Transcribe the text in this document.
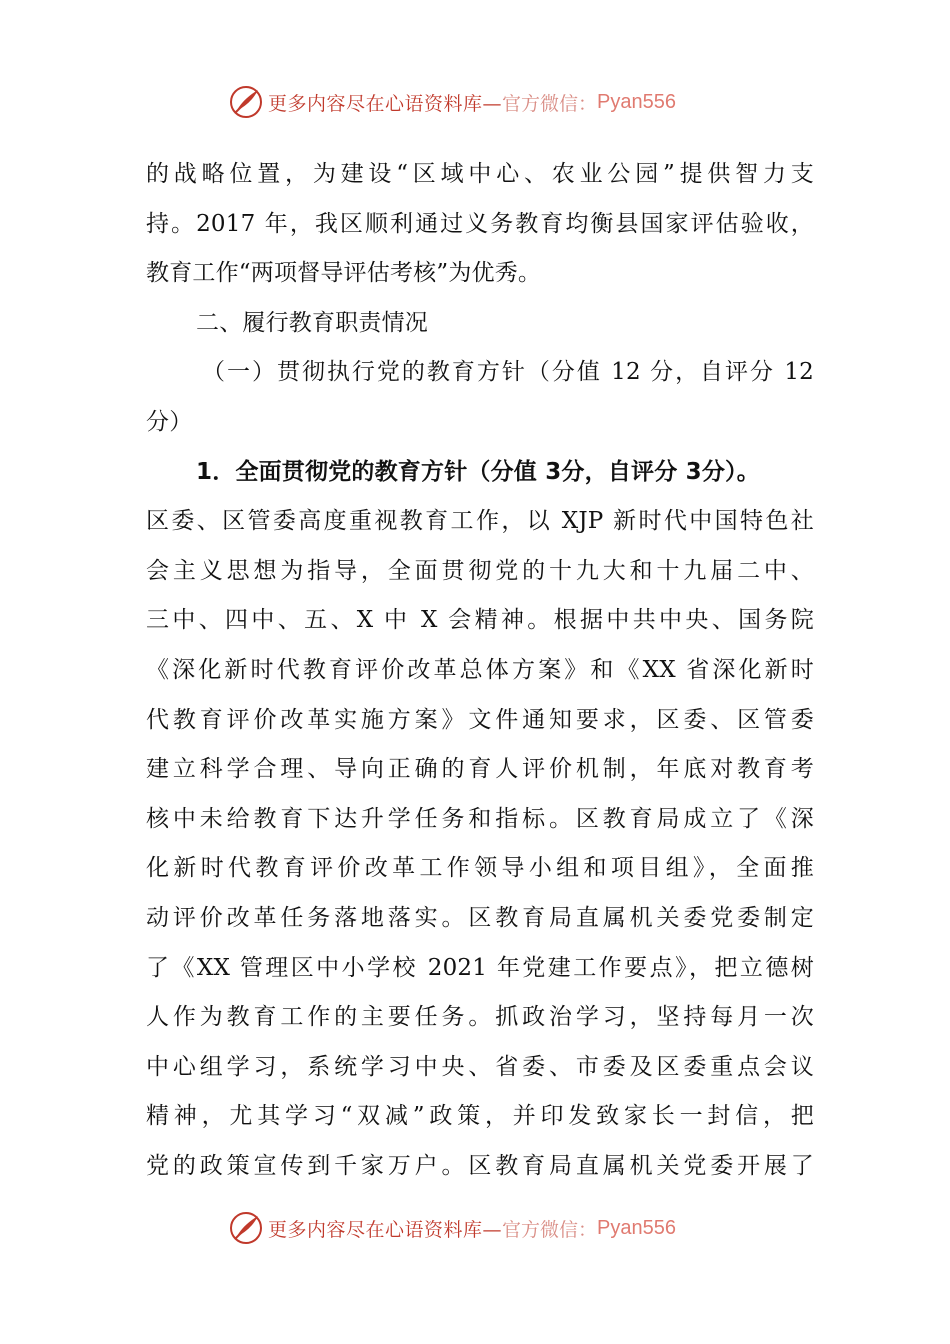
更多内容尽在心语资料库— 官方微信： Pyan556
的战略位置，为建设“区域中心、农业公园”提供智力支
持。2017 年，我区顺利通过义务教育均衡县国家评估验收，
教育工作“两项督导评估考核”为优秀。
二、履行教育职责情况
（一）贯彻执行党的教育方针（分值 12 分，自评分 12
分）
1．全面贯彻党的教育方针（分值 3分，自评分 3分）。
区委、区管委高度重视教育工作，以 XJP 新时代中国特色社
会主义思想为指导，全面贯彻党的十九大和十九届二中、
三中、四中、五、X 中 X 会精神。根据中共中央、国务院
《深化新时代教育评价改革总体方案》和《XX 省深化新时
代教育评价改革实施方案》文件通知要求，区委、区管委
建立科学合理、导向正确的育人评价机制，年底对教育考
核中未给教育下达升学任务和指标。区教育局成立了《深
化新时代教育评价改革工作领导小组和项目组》，全面推
动评价改革任务落地落实。区教育局直属机关委党委制定
了《XX 管理区中小学校 2021 年党建工作要点》，把立德树
人作为教育工作的主要任务。抓政治学习，坚持每月一次
中心组学习，系统学习中央、省委、市委及区委重点会议
精神，尤其学习“双减”政策，并印发致家长一封信，把
党的政策宣传到千家万户。区教育局直属机关党委开展了
更多内容尽在心语资料库— 官方微信： Pyan556
